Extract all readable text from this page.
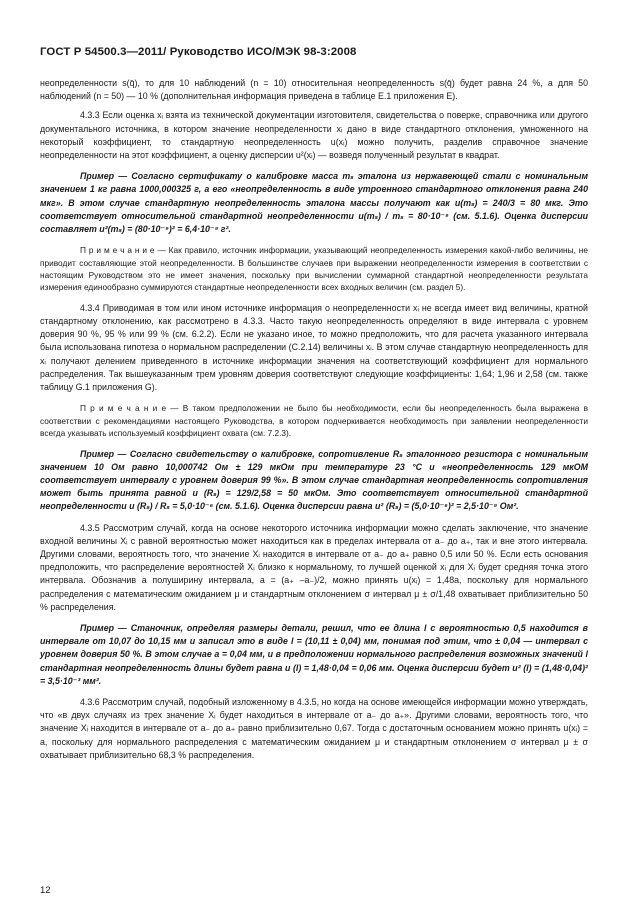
ГОСТ Р 54500.3—2011/ Руководство ИСО/МЭК 98-3:2008

неопределенности s(q̄), то для 10 наблюдений (n = 10) относительная неопределенность s(q̄) будет равна 24 %, а для 50 наблюдений (n = 50) — 10 % (дополнительная информация приведена в таблице Е.1 приложения Е).

4.3.3 Если оценка xᵢ взята из технической документации изготовителя, свидетельства о поверке, справочника или другого документального источника, в котором значение неопределенности xᵢ дано в виде стандартного отклонения, умноженного на некоторый коэффициент, то стандартную неопределенность u(xᵢ) можно получить, разделив справочное значение неопределенности на этот коэффициент, а оценку дисперсии u²(xᵢ) — возведя полученный результат в квадрат.

Пример — Согласно сертификату о калибровке масса mₛ эталона из нержавеющей стали с номинальным значением 1 кг равна 1000,000325 г, а его «неопределенность в виде утроенного стандартного отклонения равна 240 мкг». В этом случае стандартную неопределенность эталона массы получают как u(mₛ) = 240/3 = 80 мкг. Это соответствует относительной стандартной неопределенности u(mₛ) / mₛ = 80·10⁻⁹ (см. 5.1.6). Оценка дисперсии составляет u²(mₛ) = (80·10⁻⁹)² = 6,4·10⁻⁹ г².

П р и м е ч а н и е — Как правило, источник информации, указывающий неопределенность измерения какой-либо величины, не приводит составляющие этой неопределенности. В большинстве случаев при выражении неопределенности измерения в соответствии с настоящим Руководством это не имеет значения, поскольку при вычислении суммарной стандартной неопределенности результата измерения единообразно суммируются стандартные неопределенности всех входных величин (см. раздел 5).

4.3.4 Приводимая в том или ином источнике информация о неопределенности xᵢ не всегда имеет вид величины, кратной стандартному отклонению, как рассмотрено в 4.3.3. Часто такую неопределенность определяют в виде интервала с уровнем доверия 90 %, 95 % или 99 % (см. 6.2.2). Если не указано иное, то можно предположить, что для расчета указанного интервала была использована гипотеза о нормальном распределении (С.2.14) величины xᵢ. В этом случае стандартную неопределенность для xᵢ получают делением приведенного в источнике информации значения на соответствующий коэффициент для нормального распределения. Так вышеуказанным трем уровням доверия соответствуют следующие коэффициенты: 1,64; 1,96 и 2,58 (см. также таблицу G.1 приложения G).

П р и м е ч а н и е — В таком предположении не было бы необходимости, если бы неопределенность была выражена в соответствии с рекомендациями настоящего Руководства, в котором подчеркивается необходимость при заявлении неопределенности всегда указывать используемый коэффициент охвата (см. 7.2.3).

Пример — Согласно свидетельству о калибровке, сопротивление Rₛ эталонного резистора с номинальным значением 10 Ом равно 10,000742 Ом ± 129 мкОм при температуре 23 °C и «неопределенность 129 мкОМ соответствует интервалу с уровнем доверия 99 %». В этом случае стандартная неопределенность сопротивления может быть принята равной u (Rₛ) = 129/2,58 = 50 мкОм. Это соответствует относительной стандартной неопределенности u (Rₛ) / Rₛ = 5,0·10⁻⁶ (см. 5.1.6). Оценка дисперсии равна u² (Rₛ) = (5,0·10⁻⁶)² = 2,5·10⁻⁹ Ом².

4.3.5 Рассмотрим случай, когда на основе некоторого источника информации можно сделать заключение, что значение входной величины Xᵢ с равной вероятностью может находиться как в пределах интервала от a₋ до a₊, так и вне этого интервала. Другими словами, вероятность того, что значение Xᵢ находится в интервале от a₋ до a₊ равно 0,5 или 50 %. Если есть основания предположить, что распределение вероятностей Xᵢ близко к нормальному, то лучшей оценкой xᵢ для Xᵢ будет средняя точка этого интервала. Обозначив a полуширину интервала, a = (a₊ –a₋)/2, можно принять u(xᵢ) = 1,48a, поскольку для нормального распределения с математическим ожиданием μ и стандартным отклонением σ интервал μ ± σ/1,48 охватывает приблизительно 50 % распределения.

Пример — Станочник, определяя размеры детали, решил, что ее длина l с вероятностью 0,5 находится в интервале от 10,07 до 10,15 мм и записал это в виде l = (10,11 ± 0,04) мм, понимая под этим, что ± 0,04 — интервал с уровнем доверия 50 %. В этом случае a = 0,04 мм, и в предположении нормального распределения возможных значений l стандартная неопределенность длины будет равна u (l) = 1,48·0,04 = 0,06 мм. Оценка дисперсии будет u² (l) = (1,48·0,04)² = 3,5·10⁻³ мм².

4.3.6 Рассмотрим случай, подобный изложенному в 4.3.5, но когда на основе имеющейся информации можно утверждать, что «в двух случаях из трех значение Xᵢ будет находиться в интервале от a₋ до a₊». Другими словами, вероятность того, что значение Xᵢ находится в интервале от a₋ до a₊ равно приблизительно 0,67. Тогда с достаточным основанием можно принять u(xᵢ) = a, поскольку для нормального распределения с математическим ожиданием μ и стандартным отклонением σ интервал μ ± σ охватывает приблизительно 68,3 % распределения.

12
